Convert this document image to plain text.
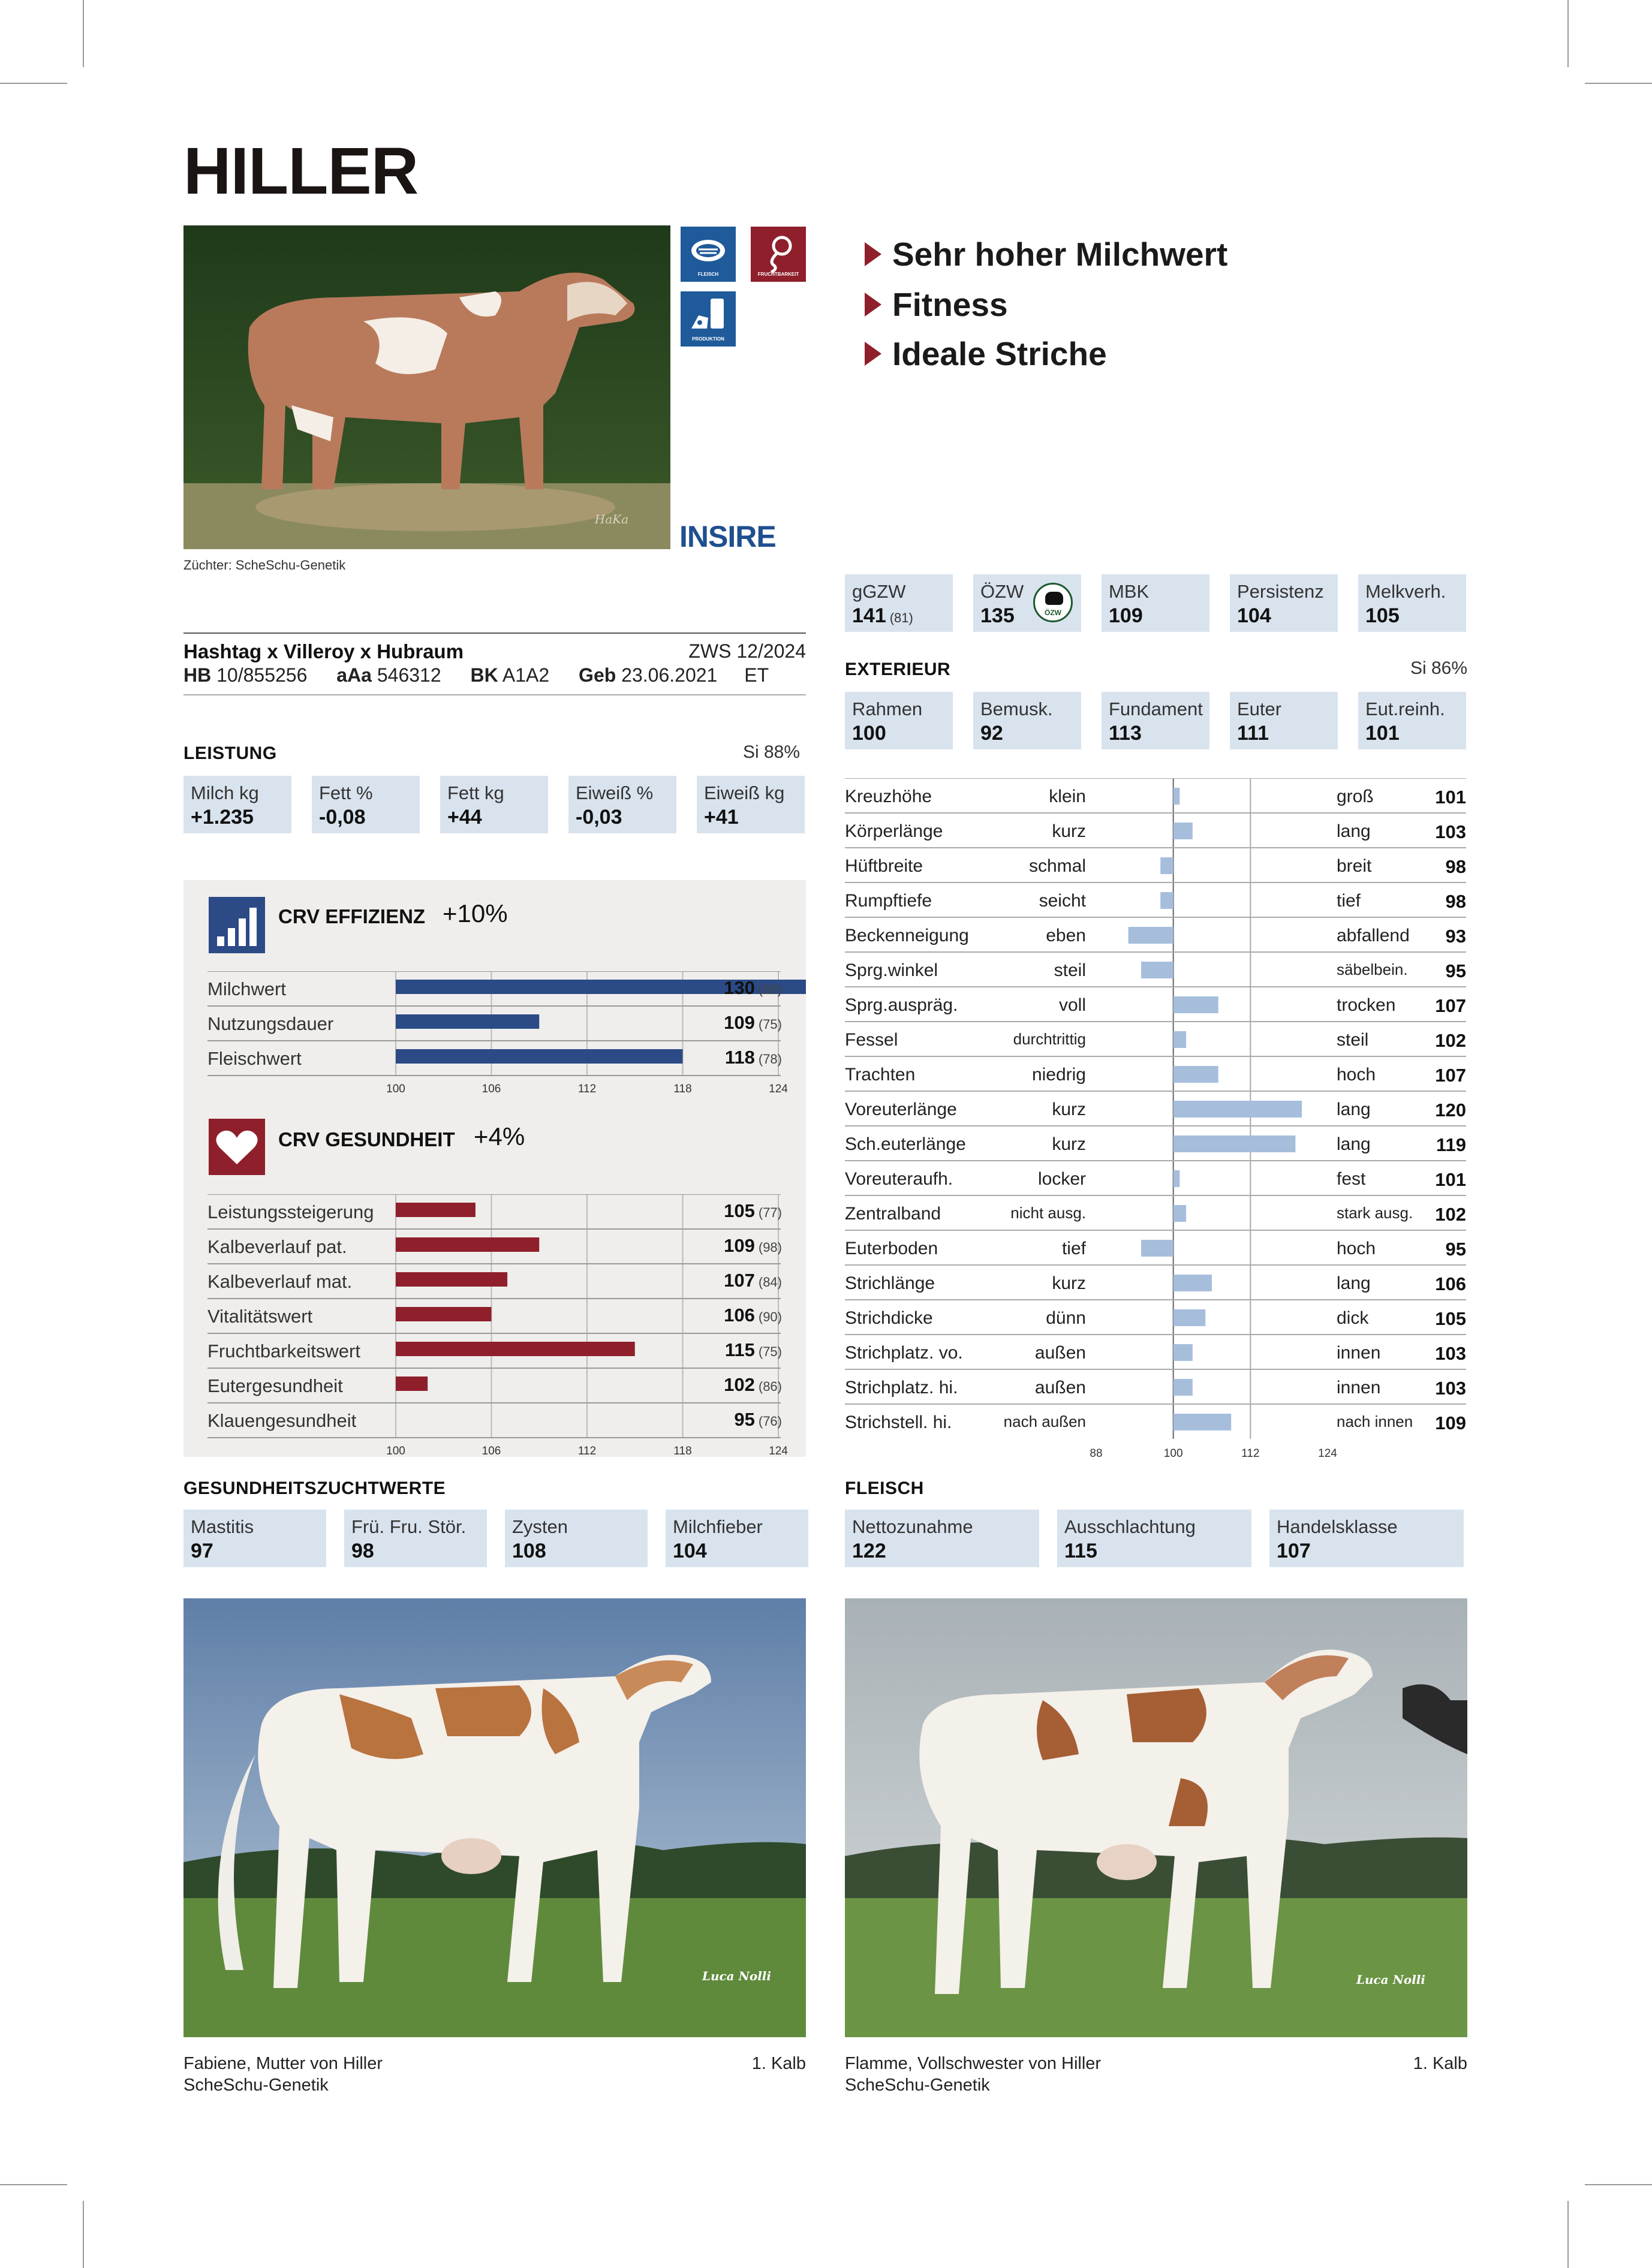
HILLER
HaKa
FLEISCH	FRUCHTBARKEIT
PRODUKTION
INSIRE
Züchter: ScheSchu-Genetik
Sehr hoher Milchwert
Fitness
Ideale Striche
Hashtag x Villeroy x Hubraum	ZWS 12/2024
HB 10/855256 aAa 546312 BK A1A2 Geb 23.06.2021 ET
LEISTUNG	Si 88%
Milch kg
+1.235
Fett %
-0,08
Fett kg
+44
Eiweiß %
-0,03
Eiweiß kg
+41
gGZW
141 (81)
ÖZW
135	ÖZW
MBK
109
Persistenz
104
Melkverh.
105
EXTERIEUR	Si 86%
Rahmen
100
Bemusk.
92
Fundament
113
Euter
111
Eut.reinh.
101
Kreuzhöhe	klein	groß	101
Körperlänge	kurz	lang	103
Hüftbreite	schmal	breit	98
Rumpftiefe	seicht	tief	98
Beckenneigung	eben	abfallend 93
Sprg.winkel	steil	säbelbein. 95
Sprg.auspräg.	voll	trocken 107
Fessel	durchtrittig	steil	102
Trachten	niedrig	hoch	107
Voreuterlänge	kurz	lang	120
Sch.euterlänge	kurz	lang	119
Voreuteraufh.	locker	fest	101
Zentralband	nicht ausg.	stark ausg. 102
Euterboden	tief	hoch	95
Strichlänge	kurz	lang	106
Strichdicke	dünn	dick	105
Strichplatz. vo.	außen	innen	103
Strichplatz. hi.	außen	innen	103
Strichstell. hi.	nach außen	nach innen 109
88	100	112	124
CRV EFFIZIENZ +10%
CRV GESUNDHEIT +4%
Milchwert	130 (88)
Nutzungsdauer	109 (75)
Fleischwert	118 (78)
100	106	112	118	124
Leistungssteigerung	105 (77)
Kalbeverlauf pat.	109 (98)
Kalbeverlauf mat.	107 (84)
Vitalitätswert	106 (90)
Fruchtbarkeitswert	115 (75)
Eutergesundheit	102 (86)
Klauengesundheit	95 (76)
100	106	112	118	124
GESUNDHEITSZUCHTWERTE
Mastitis
97
Frü. Fru. Stör.
98
Zysten
108
Milchfieber
104
FLEISCH
Nettozunahme
122
Ausschlachtung
115
Handelsklasse
107
Luca Nolli	Luca Nolli
Fabiene, Mutter von Hiller
ScheSchu-Genetik
1. Kalb Flamme, Vollschwester von Hiller
ScheSchu-Genetik
1. Kalb
